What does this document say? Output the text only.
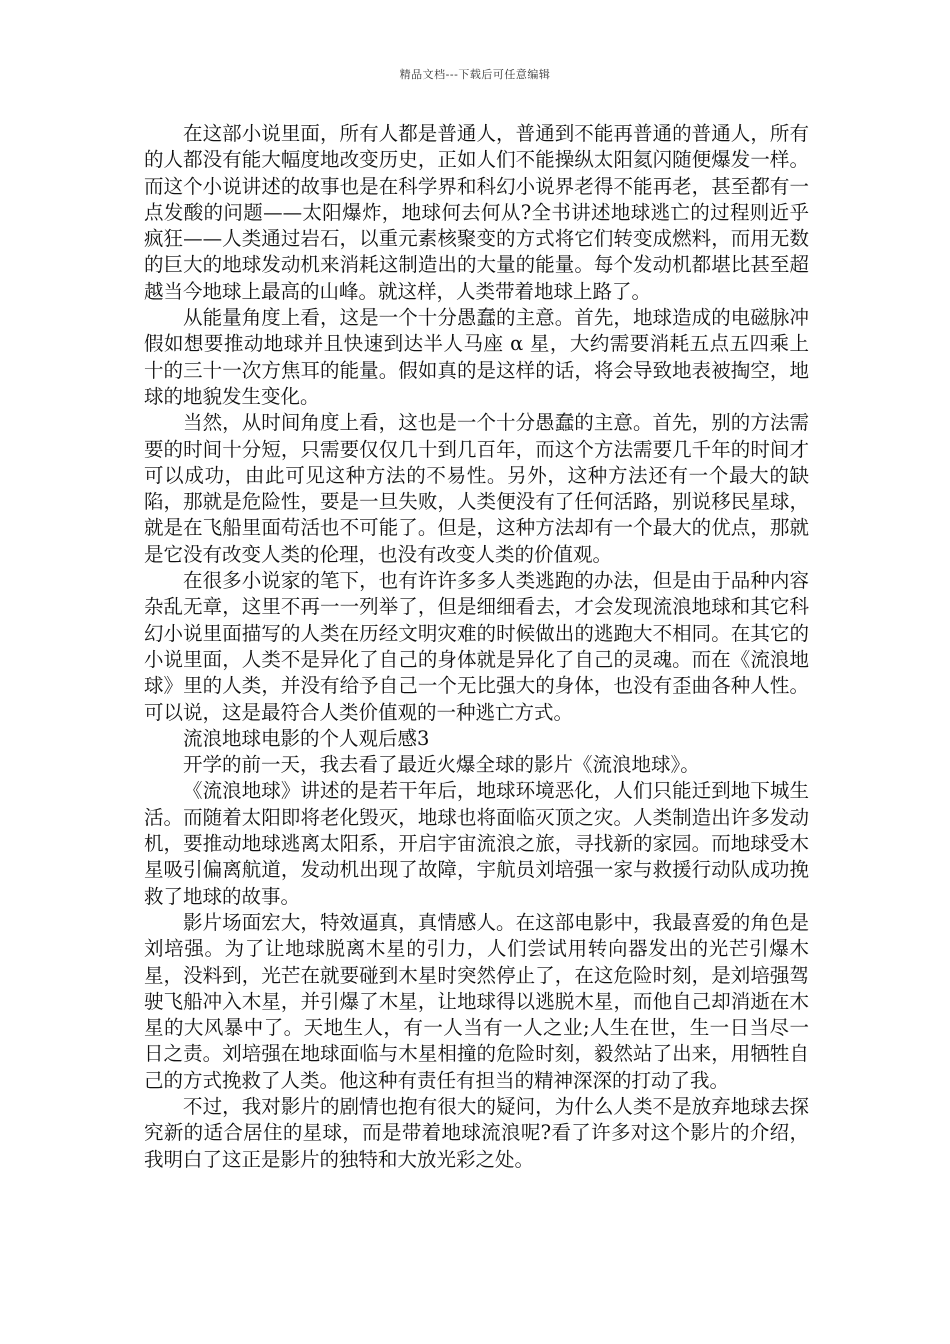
精品文档---下载后可任意编辑

在这部小说里面，所有人都是普通人，普通到不能再普通的普通人，所有的人都没有能大幅度地改变历史，正如人们不能操纵太阳氦闪随便爆发一样。而这个小说讲述的故事也是在科学界和科幻小说界老得不能再老，甚至都有一点发酸的问题——太阳爆炸，地球何去何从?全书讲述地球逃亡的过程则近乎疯狂——人类通过岩石，以重元素核聚变的方式将它们转变成燃料，而用无数的巨大的地球发动机来消耗这制造出的大量的能量。每个发动机都堪比甚至超越当今地球上最高的山峰。就这样，人类带着地球上路了。

从能量角度上看，这是一个十分愚蠢的主意。首先，地球造成的电磁脉冲假如想要推动地球并且快速到达半人马座 α 星，大约需要消耗五点五四乘上十的三十一次方焦耳的能量。假如真的是这样的话，将会导致地表被掏空，地球的地貌发生变化。

当然，从时间角度上看，这也是一个十分愚蠢的主意。首先，别的方法需要的时间十分短，只需要仅仅几十到几百年，而这个方法需要几千年的时间才可以成功，由此可见这种方法的不易性。另外，这种方法还有一个最大的缺陷，那就是危险性，要是一旦失败，人类便没有了任何活路，别说移民星球，就是在飞船里面苟活也不可能了。但是，这种方法却有一个最大的优点，那就是它没有改变人类的伦理，也没有改变人类的价值观。

在很多小说家的笔下，也有许许多多人类逃跑的办法，但是由于品种内容杂乱无章，这里不再一一列举了，但是细细看去，才会发现流浪地球和其它科幻小说里面描写的人类在历经文明灾难的时候做出的逃跑大不相同。在其它的小说里面，人类不是异化了自己的身体就是异化了自己的灵魂。而在《流浪地球》里的人类，并没有给予自己一个无比强大的身体，也没有歪曲各种人性。可以说，这是最符合人类价值观的一种逃亡方式。

流浪地球电影的个人观后感3

开学的前一天，我去看了最近火爆全球的影片《流浪地球》。

《流浪地球》讲述的是若干年后，地球环境恶化，人们只能迁到地下城生活。而随着太阳即将老化毁灭，地球也将面临灭顶之灾。人类制造出许多发动机，要推动地球逃离太阳系，开启宇宙流浪之旅，寻找新的家园。而地球受木星吸引偏离航道，发动机出现了故障，宇航员刘培强一家与救援行动队成功挽救了地球的故事。

影片场面宏大，特效逼真，真情感人。在这部电影中，我最喜爱的角色是刘培强。为了让地球脱离木星的引力，人们尝试用转向器发出的光芒引爆木星，没料到，光芒在就要碰到木星时突然停止了，在这危险时刻，是刘培强驾驶飞船冲入木星，并引爆了木星，让地球得以逃脱木星，而他自己却消逝在木星的大风暴中了。天地生人，有一人当有一人之业;人生在世，生一日当尽一日之责。刘培强在地球面临与木星相撞的危险时刻，毅然站了出来，用牺牲自己的方式挽救了人类。他这种有责任有担当的精神深深的打动了我。

不过，我对影片的剧情也抱有很大的疑问，为什么人类不是放弃地球去探究新的适合居住的星球，而是带着地球流浪呢?看了许多对这个影片的介绍，我明白了这正是影片的独特和大放光彩之处。
